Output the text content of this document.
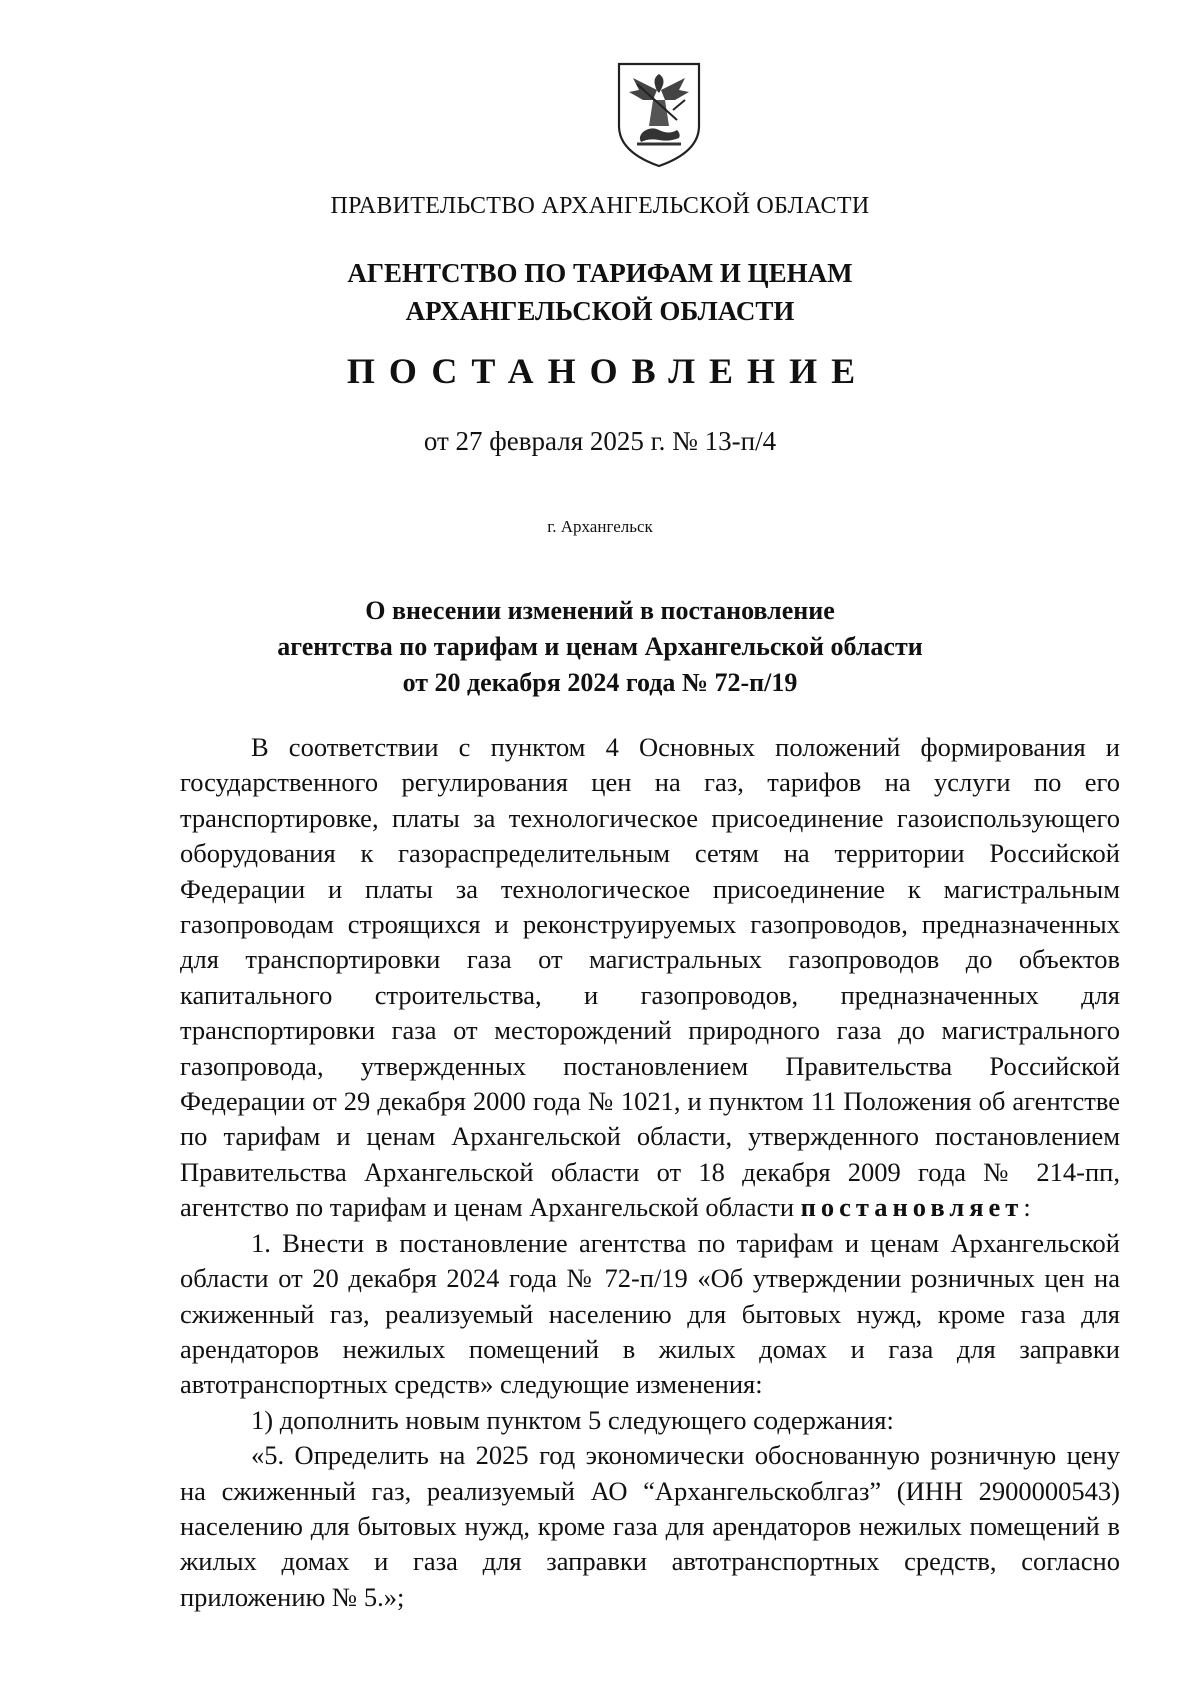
ПРАВИТЕЛЬСТВО АРХАНГЕЛЬСКОЙ ОБЛАСТИ
АГЕНТСТВО ПО ТАРИФАМ И ЦЕНАМ
АРХАНГЕЛЬСКОЙ ОБЛАСТИ
ПОСТАНОВЛЕНИЕ
от 27 февраля 2025 г. № 13-п/4
г. Архангельск
О внесении изменений в постановление
агентства по тарифам и ценам Архангельской области
от 20 декабря 2024 года № 72-п/19

В соответствии с пунктом 4 Основных положений формирования и государственного регулирования цен на газ, тарифов на услуги по его транспортировке, платы за технологическое присоединение газоиспользующего оборудования к газораспределительным сетям на территории Российской Федерации и платы за технологическое присоединение к магистральным газопроводам строящихся и реконструируемых газопроводов, предназначенных для транспортировки газа от магистральных газопроводов до объектов капитального строительства, и газопроводов, предназначенных для транспортировки газа от месторождений природного газа до магистрального газопровода, утвержденных постановлением Правительства Российской Федерации от 29 декабря 2000 года № 1021, и пунктом 11 Положения об агентстве по тарифам и ценам Архангельской области, утвержденного постановлением Правительства Архангельской области от 18 декабря 2009 года № 214-пп, агентство по тарифам и ценам Архангельской области постановляет:

1. Внести в постановление агентства по тарифам и ценам Архангельской области от 20 декабря 2024 года № 72-п/19 «Об утверждении розничных цен на сжиженный газ, реализуемый населению для бытовых нужд, кроме газа для арендаторов нежилых помещений в жилых домах и газа для заправки автотранспортных средств» следующие изменения:

1) дополнить новым пунктом 5 следующего содержания:

«5. Определить на 2025 год экономически обоснованную розничную цену на сжиженный газ, реализуемый АО “Архангельскоблгаз” (ИНН 2900000543) населению для бытовых нужд, кроме газа для арендаторов нежилых помещений в жилых домах и газа для заправки автотранспортных средств, согласно приложению № 5.»;
